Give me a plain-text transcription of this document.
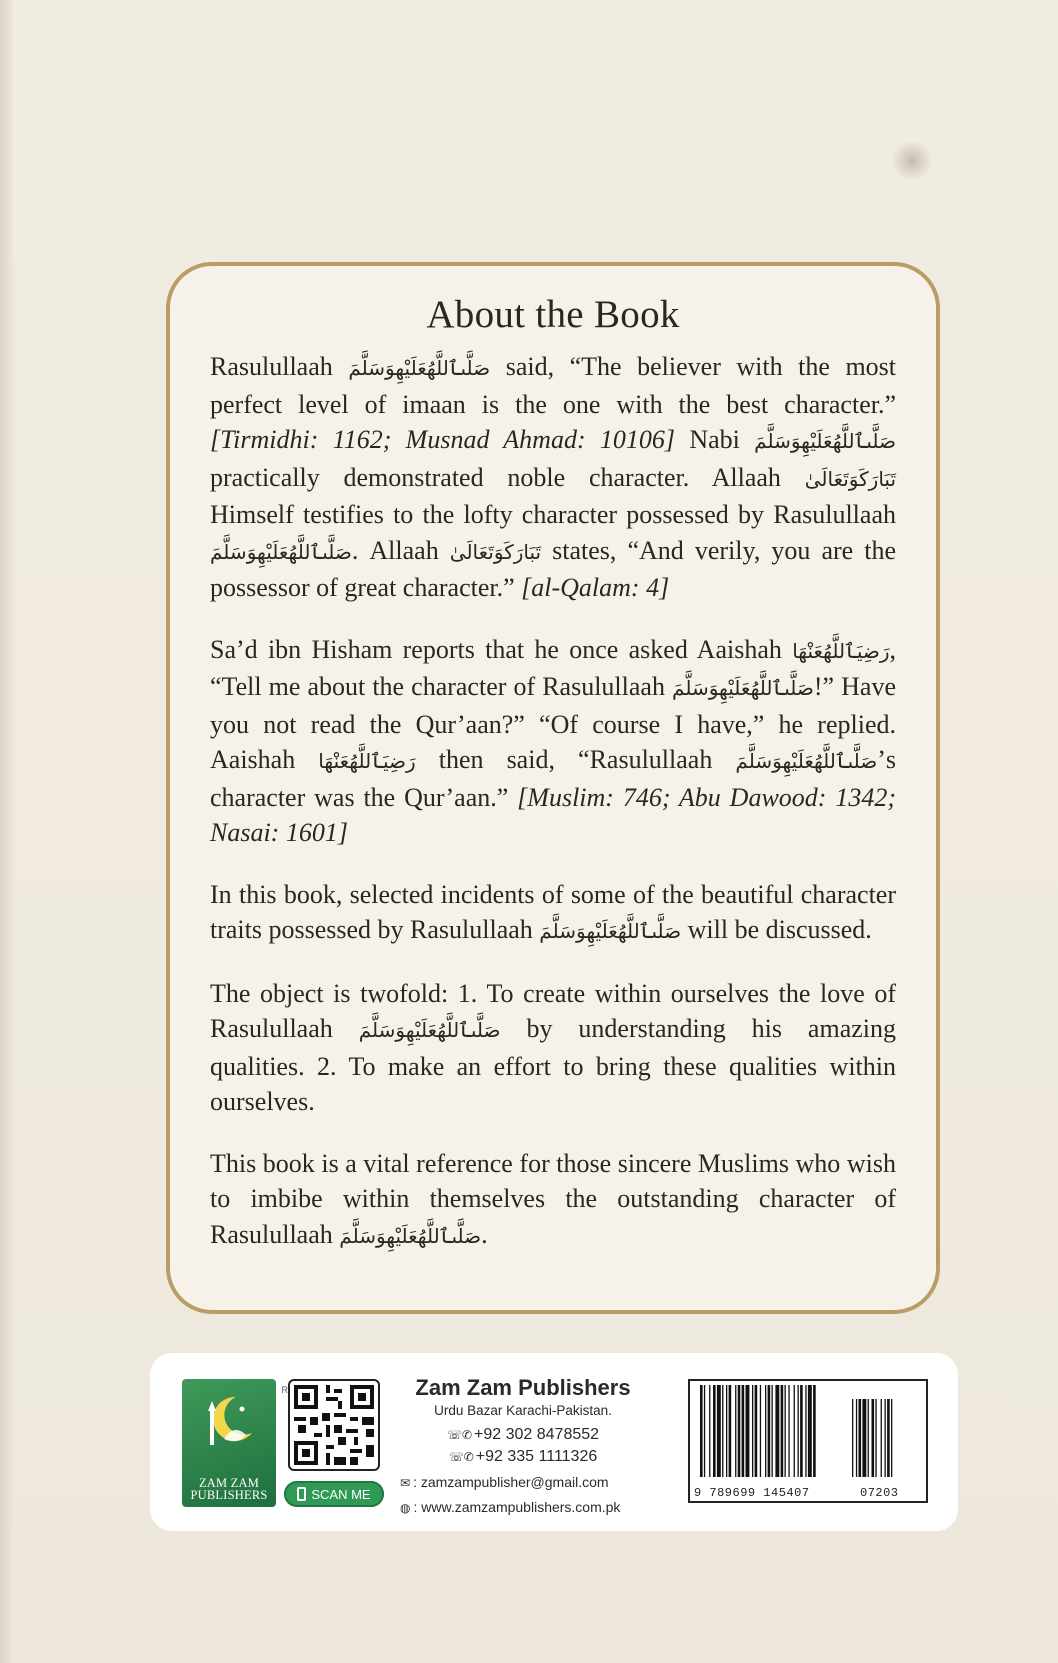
About the Book

Rasulullaah صَلَّىٱللَّهُعَلَيْهِوَسَلَّمَ said, “The believer with the most perfect level of imaan is the one with the best character.” [Tirmidhi: 1162; Musnad Ahmad: 10106] Nabi صَلَّىٱللَّهُعَلَيْهِوَسَلَّمَ practically demonstrated noble character. Allaah تَبَارَكَوَتَعَالَىٰ Himself testifies to the lofty character possessed by Rasulullaah صَلَّىٱللَّهُعَلَيْهِوَسَلَّمَ. Allaah تَبَارَكَوَتَعَالَىٰ states, “And verily, you are the possessor of great character.” [al-Qalam: 4]

Sa’d ibn Hisham reports that he once asked Aaishah رَضِيَٱللَّهُعَنْهَا, “Tell me about the character of Rasulullaah صَلَّىٱللَّهُعَلَيْهِوَسَلَّمَ!” Have you not read the Qur’aan?” “Of course I have,” he replied. Aaishah رَضِيَٱللَّهُعَنْهَا then said, “Rasulullaah صَلَّىٱللَّهُعَلَيْهِوَسَلَّمَ’s character was the Qur’aan.” [Muslim: 746; Abu Dawood: 1342; Nasai: 1601]

In this book, selected incidents of some of the beautiful character traits possessed by Rasulullaah صَلَّىٱللَّهُعَلَيْهِوَسَلَّمَ will be discussed.

The object is twofold: 1. To create within ourselves the love of Rasulullaah صَلَّىٱللَّهُعَلَيْهِوَسَلَّمَ by understanding his amazing qualities. 2. To make an effort to bring these qualities within ourselves.

This book is a vital reference for those sincere Muslims who wish to imbibe within themselves the outstanding character of Rasulullaah صَلَّىٱللَّهُعَلَيْهِوَسَلَّمَ.

ZAM ZAM
PUBLISHERS
R
SCAN ME
Zam Zam Publishers
Urdu Bazar Karachi-Pakistan.
☏✆ +92 302 8478552
☏✆ +92 335 1111326
✉ : zamzampublisher@gmail.com
◍ : www.zamzampublishers.com.pk
9 789699 145407	07203
